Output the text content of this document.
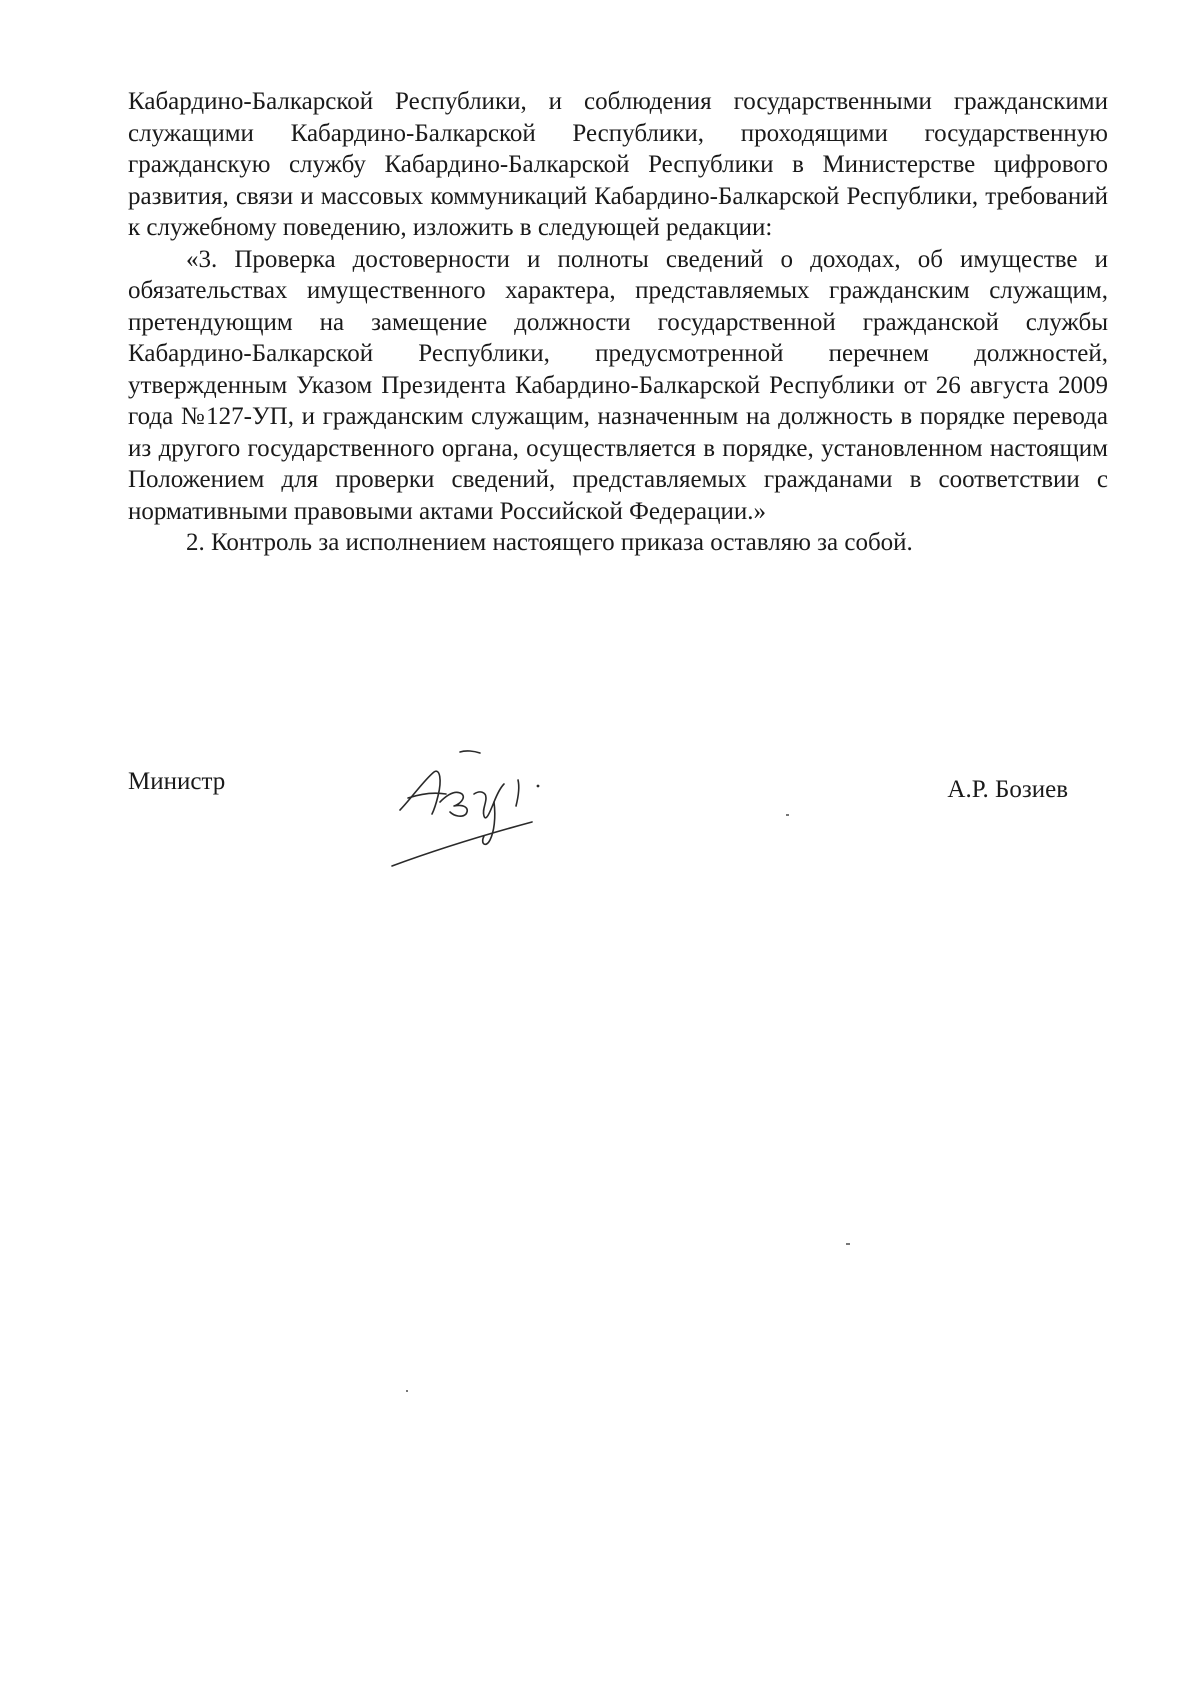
Кабардино-Балкарской Республики, и соблюдения государственными гражданскими служащими Кабардино-Балкарской Республики, проходящими государственную гражданскую службу Кабардино-Балкарской Республики в Министерстве цифрового развития, связи и массовых коммуникаций Кабардино-Балкарской Республики, требований к служебному поведению, изложить в следующей редакции:

«3. Проверка достоверности и полноты сведений о доходах, об имуществе и обязательствах имущественного характера, представляемых гражданским служащим, претендующим на замещение должности государственной гражданской службы Кабардино-Балкарской Республики, предусмотренной перечнем должностей, утвержденным Указом Президента Кабардино-Балкарской Республики от 26 августа 2009 года №127-УП, и гражданским служащим, назначенным на должность в порядке перевода из другого государственного органа, осуществляется в порядке, установленном настоящим Положением для проверки сведений, представляемых гражданами в соответствии с нормативными правовыми актами Российской Федерации.»

2. Контроль за исполнением настоящего приказа оставляю за собой.

Министр	А.Р. Бозиев
